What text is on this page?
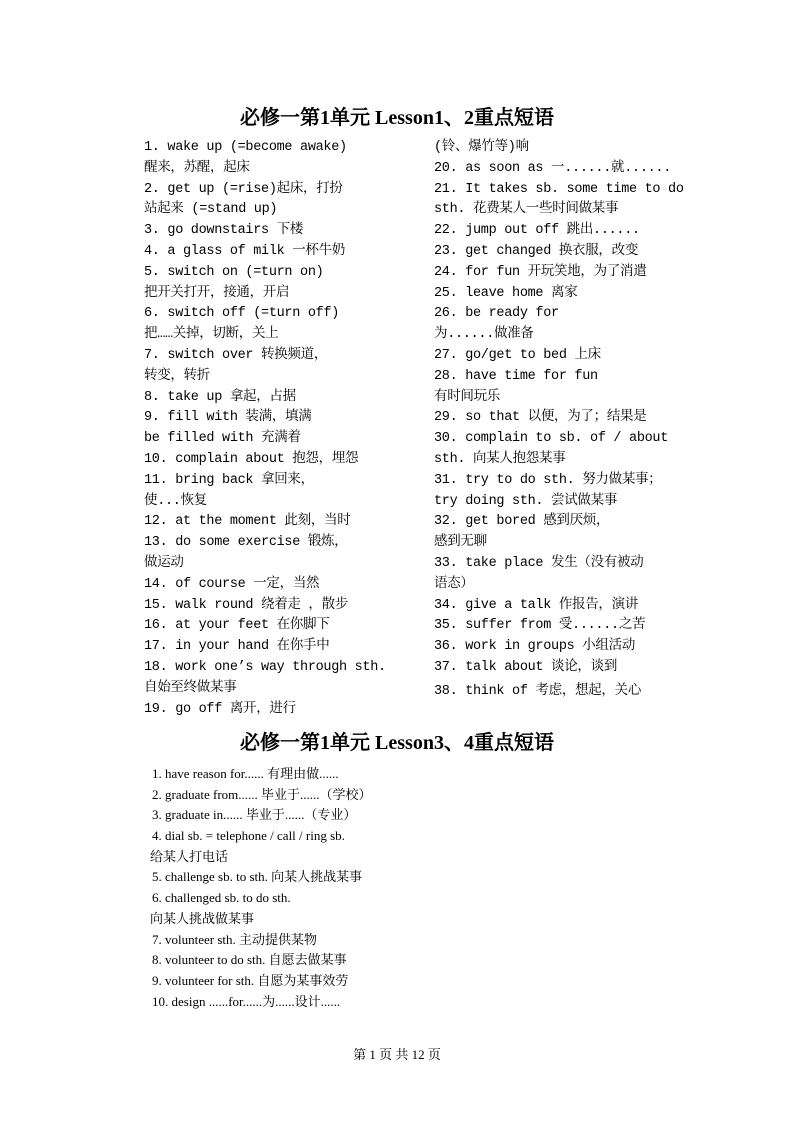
必修一第1单元 Lesson1、2重点短语
1. wake up (=become awake)
醒来，苏醒，起床
2. get up (=rise)起床，打扮
站起来 (=stand up)
3. go downstairs 下楼
4. a glass of milk 一杯牛奶
5. switch on (=turn on)
把开关打开，接通，开启
6. switch off (=turn off)
把……关掉，切断，关上
7. switch over 转换频道，
转变，转折
8. take up 拿起，占据
9. fill with 装满，填满
be filled with 充满着
10. complain about 抱怨，埋怨
11. bring back 拿回来，
使...恢复
12. at the moment 此刻，当时
13. do some exercise 锻炼，
做运动
14. of course 一定，当然
15. walk round 绕着走 ，散步
16. at your feet 在你脚下
17. in your hand 在你手中
18. work one’s way through sth.
自始至终做某事
19. go off 离开，进行
(铃、爆竹等)响
20. as soon as 一......就......
21. It takes sb. some time to do
sth. 花费某人一些时间做某事
22. jump out off 跳出......
23. get changed 换衣服，改变
24. for fun 开玩笑地，为了消遣
25. leave home 离家
26. be ready for
为......做准备
27. go/get to bed 上床
28. have time for fun
有时间玩乐
29. so that 以便，为了；结果是
30. complain to sb. of / about
sth. 向某人抱怨某事
31. try to do sth. 努力做某事；
try doing sth. 尝试做某事
32. get bored 感到厌烦，
感到无聊
33. take place 发生（没有被动
语态）
34. give a talk 作报告，演讲
35. suffer from 受......之苦
36. work in groups 小组活动
37. talk about 谈论，谈到
38. think of 考虑，想起，关心
必修一第1单元 Lesson3、4重点短语
1. have reason for...... 有理由做......
2. graduate from...... 毕业于......（学校）
3. graduate in...... 毕业于......（专业）
4. dial sb. = telephone / call / ring sb.
给某人打电话
5. challenge sb. to sth. 向某人挑战某事
6. challenged sb. to do sth.
向某人挑战做某事
7. volunteer sth. 主动提供某物
8. volunteer to do sth. 自愿去做某事
9. volunteer for sth. 自愿为某事效劳
10. design ......for......为......设计......
第 1 页 共 12 页
